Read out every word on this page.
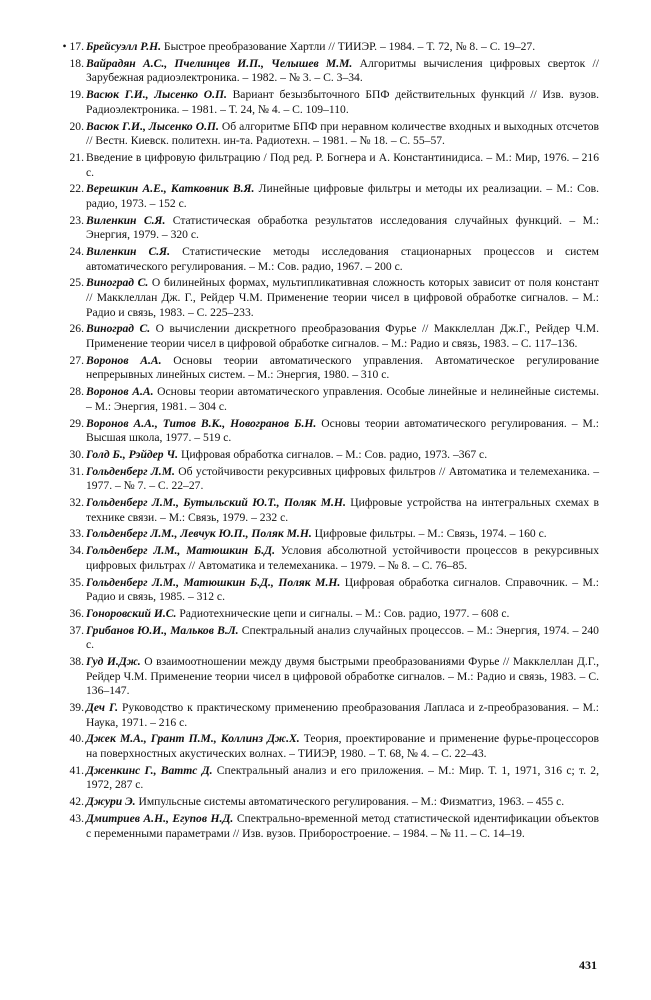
• 17. Брейсуэлл Р.Н. Быстрое преобразование Хартли // ТИИЭР. – 1984. – Т. 72, № 8. – С. 19–27.
18. Вайрадян А.С., Пчелинцев И.П., Челышев М.М. Алгоритмы вычисления цифровых сверток // Зарубежная радиоэлектроника. – 1982. – № 3. – С. 3–34.
19. Васюк Г.И., Лысенко О.П. Вариант безызбыточного БПФ действительных функций // Изв. вузов. Радиоэлектроника. – 1981. – Т. 24, № 4. – С. 109–110.
20. Васюк Г.И., Лысенко О.П. Об алгоритме БПФ при неравном количестве входных и выходных отсчетов // Вестн. Киевск. политехн. ин-та. Радиотехн. – 1981. – № 18. – С. 55–57.
21. Введение в цифровую фильтрацию / Под ред. Р. Богнера и А. Константинидиса. – М.: Мир, 1976. – 216 с.
22. Верешкин А.Е., Катковник В.Я. Линейные цифровые фильтры и методы их реализации. – М.: Сов. радио, 1973. – 152 с.
23. Виленкин С.Я. Статистическая обработка результатов исследования случайных функций. – М.: Энергия, 1979. – 320 с.
24. Виленкин С.Я. Статистические методы исследования стационарных процессов и систем автоматического регулирования. – М.: Сов. радио, 1967. – 200 с.
25. Виноград С. О билинейных формах, мультипликативная сложность которых зависит от поля констант // Макклеллан Дж. Г., Рейдер Ч.М. Применение теории чисел в цифровой обработке сигналов. – М.: Радио и связь, 1983. – С. 225–233.
26. Виноград С. О вычислении дискретного преобразования Фурье // Макклеллан Дж.Г., Рейдер Ч.М. Применение теории чисел в цифровой обработке сигналов. – М.: Радио и связь, 1983. – С. 117–136.
27. Воронов А.А. Основы теории автоматического управления. Автоматическое регулирование непрерывных линейных систем. – М.: Энергия, 1980. – 310 с.
28. Воронов А.А. Основы теории автоматического управления. Особые линейные и нелинейные системы. – М.: Энергия, 1981. – 304 с.
29. Воронов А.А., Титов В.К., Новогранов Б.Н. Основы теории автоматического регулирования. – М.: Высшая школа, 1977. – 519 с.
30. Голд Б., Рэйдер Ч. Цифровая обработка сигналов. – М.: Сов. радио, 1973. –367 с.
31. Гольденберг Л.М. Об устойчивости рекурсивных цифровых фильтров // Автоматика и телемеханика. – 1977. – № 7. – С. 22–27.
32. Гольденберг Л.М., Бутыльский Ю.Т., Поляк М.Н. Цифровые устройства на интегральных схемах в технике связи. – М.: Связь, 1979. – 232 с.
33. Гольденберг Л.М., Левчук Ю.П., Поляк М.Н. Цифровые фильтры. – М.: Связь, 1974. – 160 с.
34. Гольденберг Л.М., Матюшкин Б.Д. Условия абсолютной устойчивости процессов в рекурсивных цифровых фильтрах // Автоматика и телемеханика. – 1979. – № 8. – С. 76–85.
35. Гольденберг Л.М., Матюшкин Б.Д., Поляк М.Н. Цифровая обработка сигналов. Справочник. – М.: Радио и связь, 1985. – 312 с.
36. Гоноровский И.С. Радиотехнические цепи и сигналы. – М.: Сов. радио, 1977. – 608 с.
37. Грибанов Ю.И., Мальков В.Л. Спектральный анализ случайных процессов. – М.: Энергия, 1974. – 240 с.
38. Гуд И.Дж. О взаимоотношении между двумя быстрыми преобразованиями Фурье // Макклеллан Д.Г., Рейдер Ч.М. Применение теории чисел в цифровой обработке сигналов. – М.: Радио и связь, 1983. – С. 136–147.
39. Деч Г. Руководство к практическому применению преобразования Лапласа и z-преобразования. – М.: Наука, 1971. – 216 с.
40. Джек М.А., Грант П.М., Коллинз Дж.Х. Теория, проектирование и применение фурье-процессоров на поверхностных акустических волнах. – ТИИЭР, 1980. – Т. 68, № 4. – С. 22–43.
41. Дженкинс Г., Ваттс Д. Спектральный анализ и его приложения. – М.: Мир. Т. 1, 1971, 316 с; т. 2, 1972, 287 с.
42. Джури Э. Импульсные системы автоматического регулирования. – М.: Физматгиз, 1963. – 455 с.
43. Дмитриев А.Н., Егупов Н.Д. Спектрально-временной метод статистической идентификации объектов с переменными параметрами // Изв. вузов. Приборостроение. – 1984. – № 11. – С. 14–19.
431
